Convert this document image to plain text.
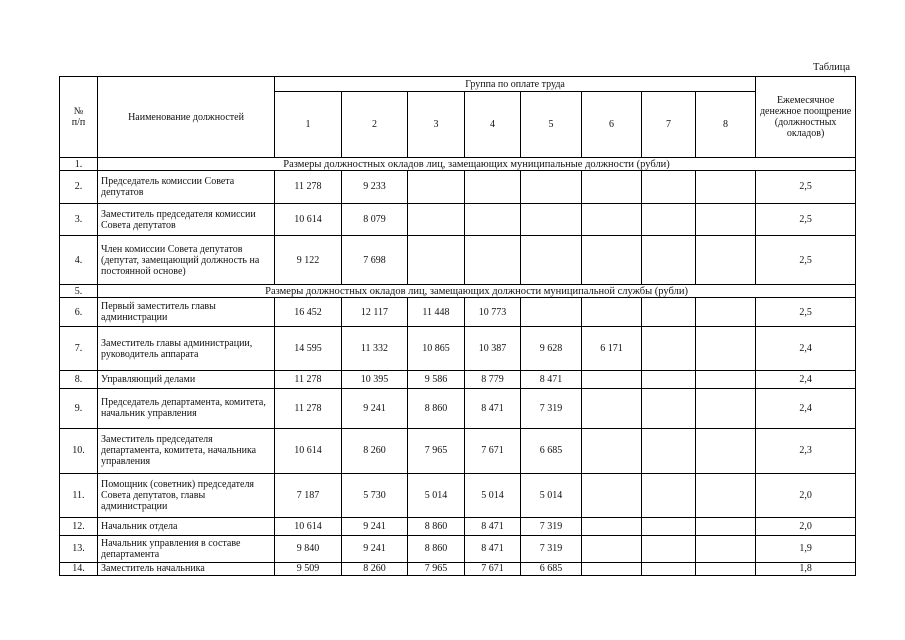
Таблица
№
п/п	Наименование должностей	Группа по оплате труда								Ежемесячное денежное поощрение (должностных окладов)
		1	2	3	4	5	6	7	8	
1.	Размеры должностных окладов лиц, замещающих муниципальные должности (рубли)									
2.	Председатель комиссии Совета депутатов	11 278	9 233							2,5
3.	Заместитель председателя комиссии Совета депутатов	10 614	8 079							2,5
4.	Член комиссии Совета депутатов (депутат, замещающий должность на постоянной основе)	9 122	7 698							2,5
5.	Размеры должностных окладов лиц, замещающих должности муниципальной службы (рубли)									
6.	Первый заместитель главы администрации	16 452	12 117	11 448	10 773					2,5
7.	Заместитель главы администрации, руководитель аппарата	14 595	11 332	10 865	10 387	9 628	6 171			2,4
8.	Управляющий делами	11 278	10 395	9 586	8 779	8 471				2,4
9.	Председатель департамента, комитета, начальник управления	11 278	9 241	8 860	8 471	7 319				2,4
10.	Заместитель председателя департамента, комитета, начальника управления	10 614	8 260	7 965	7 671	6 685				2,3
11.	Помощник (советник) председателя Совета депутатов, главы администрации	7 187	5 730	5 014	5 014	5 014				2,0
12.	Начальник отдела	10 614	9 241	8 860	8 471	7 319				2,0
13.	Начальник управления в составе департамента	9 840	9 241	8 860	8 471	7 319				1,9
14.	Заместитель начальника	9 509	8 260	7 965	7 671	6 685				1,8
